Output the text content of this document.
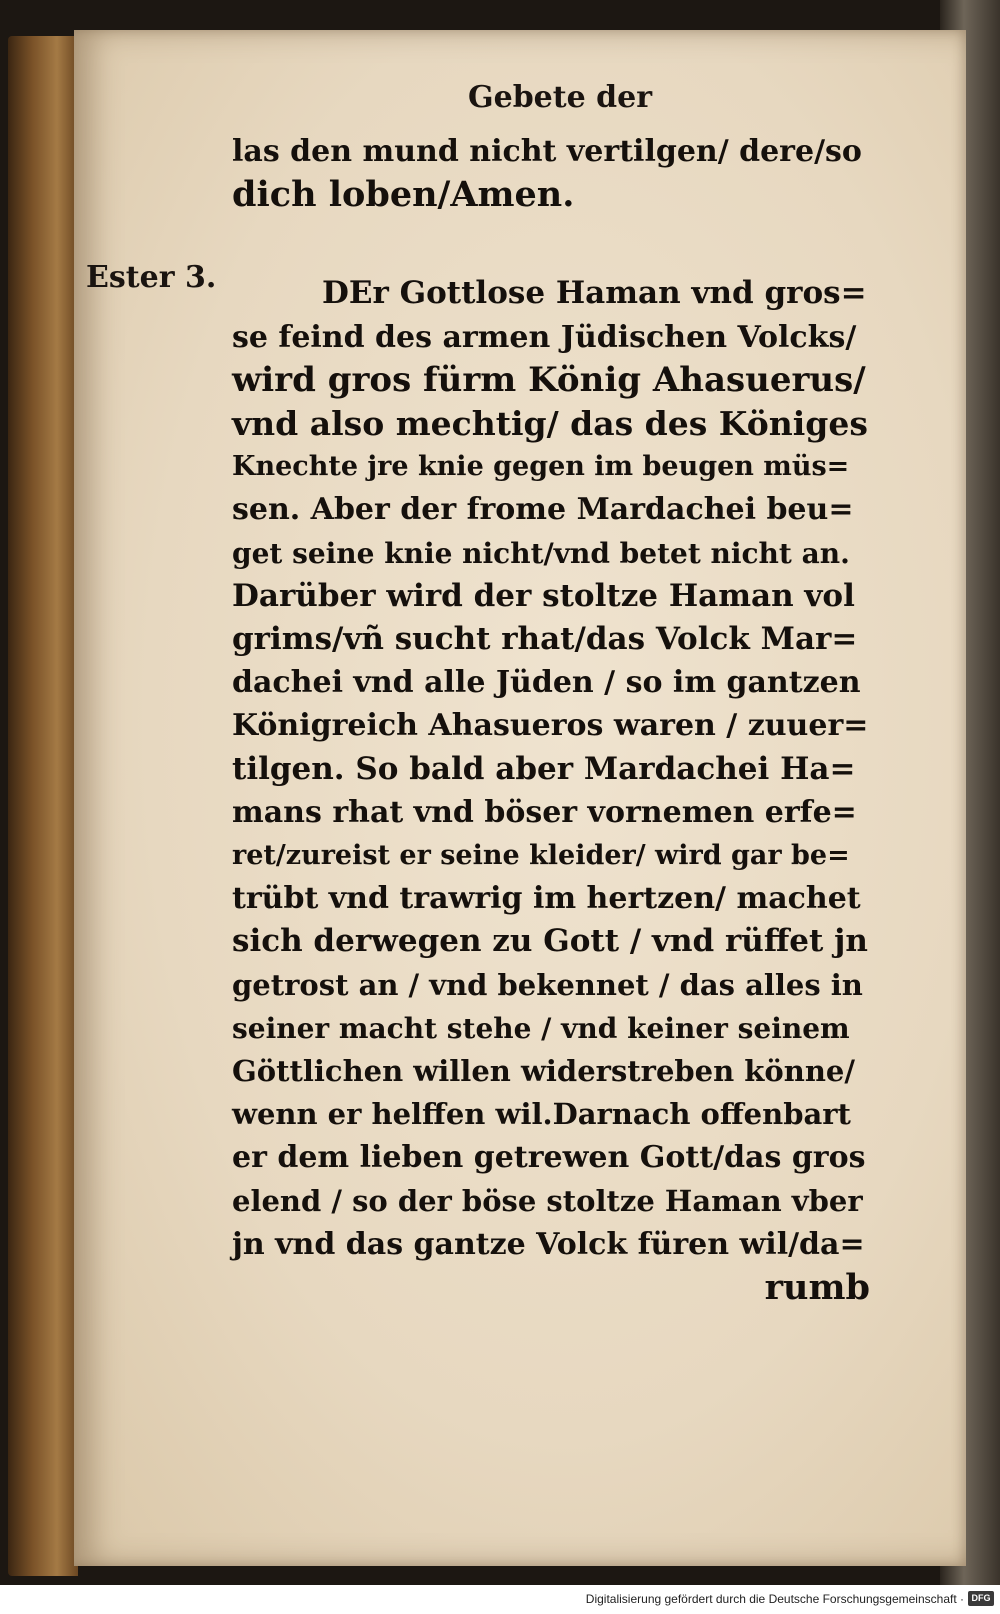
Gebete der
Ester 3.
las den mund nicht vertilgen/ dere/so
dich loben/Amen.
DEr Gottlose Haman vnd gros=
se feind des armen Jüdischen Volcks/
wird gros fürm König Ahasuerus/
vnd also mechtig/ das des Königes
Knechte jre knie gegen im beugen müs=
sen. Aber der frome Mardachei beu=
get seine knie nicht/vnd betet nicht an.
Darüber wird der stoltze Haman vol
grims/vñ sucht rhat/das Volck Mar=
dachei vnd alle Jüden / so im gantzen
Königreich Ahasueros waren / zuuer=
tilgen. So bald aber Mardachei Ha=
mans rhat vnd böser vornemen erfe=
ret/zureist er seine kleider/ wird gar be=
trübt vnd trawrig im hertzen/ machet
sich derwegen zu Gott / vnd rüffet jn
getrost an / vnd bekennet / das alles in
seiner macht stehe / vnd keiner seinem
Göttlichen willen widerstreben könne/
wenn er helffen wil.Darnach offenbart
er dem lieben getrewen Gott/das gros
elend / so der böse stoltze Haman vber
jn vnd das gantze Volck füren wil/da=
rumb
Digitalisierung gefördert durch die Deutsche Forschungsgemeinschaft · DFG
